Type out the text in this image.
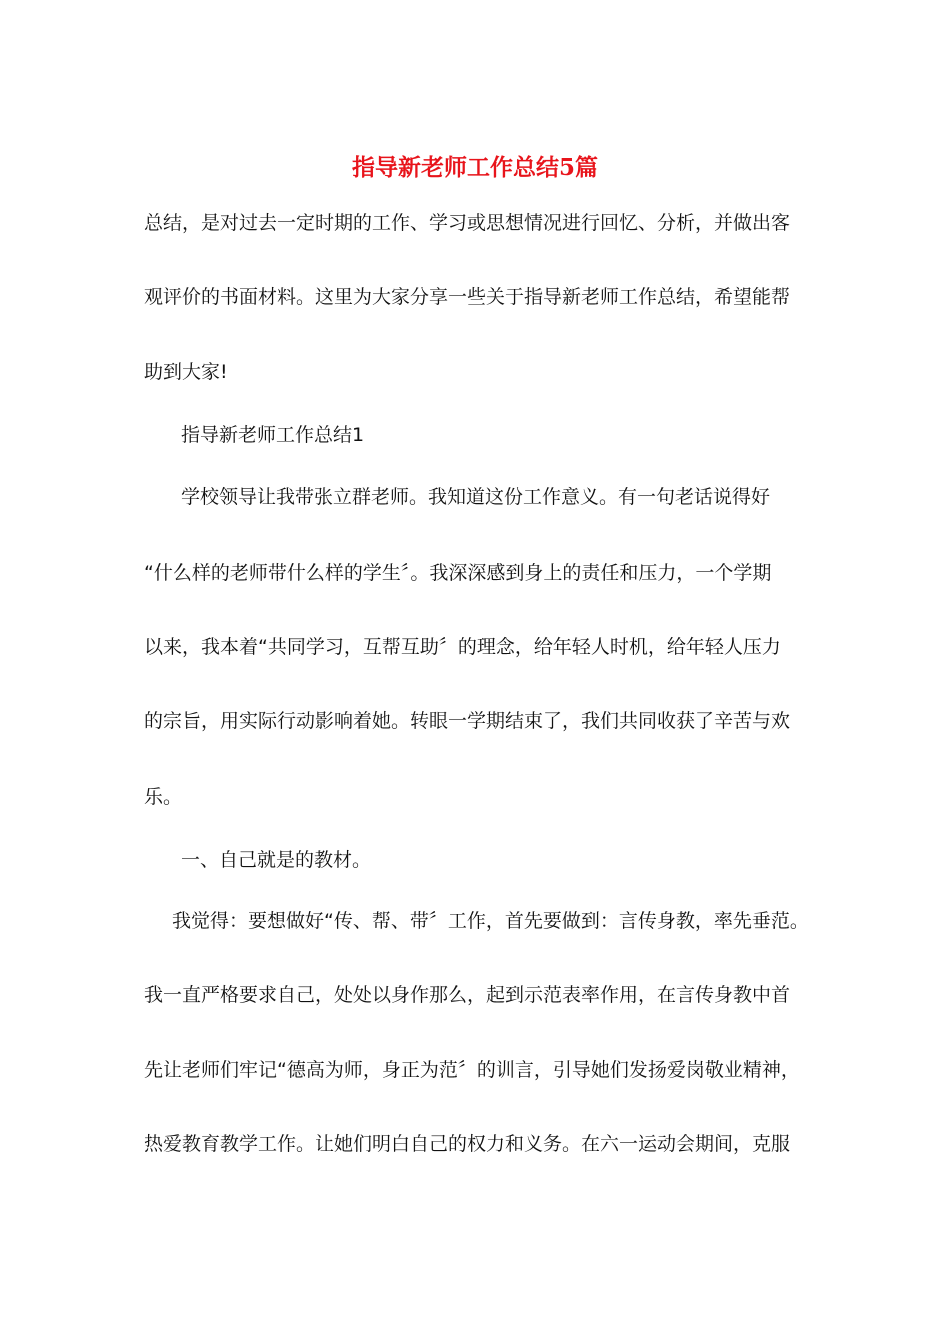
指导新老师工作总结5篇

总结，是对过去一定时期的工作、学习或思想情况进行回忆、分析，并做出客

观评价的书面材料。这里为大家分享一些关于指导新老师工作总结，希望能帮

助到大家!

指导新老师工作总结1

学校领导让我带张立群老师。我知道这份工作意义。有一句老话说得好

“什么样的老师带什么样的学生〞。我深深感到身上的责任和压力，一个学期

以来，我本着“共同学习，互帮互助〞的理念，给年轻人时机，给年轻人压力

的宗旨，用实际行动影响着她。转眼一学期结束了，我们共同收获了辛苦与欢

乐。

一、自己就是的教材。

我觉得：要想做好“传、帮、带〞工作，首先要做到：言传身教，率先垂范。

我一直严格要求自己，处处以身作那么，起到示范表率作用，在言传身教中首

先让老师们牢记“德高为师，身正为范〞的训言，引导她们发扬爱岗敬业精神，

热爱教育教学工作。让她们明白自己的权力和义务。在六一运动会期间，克服
